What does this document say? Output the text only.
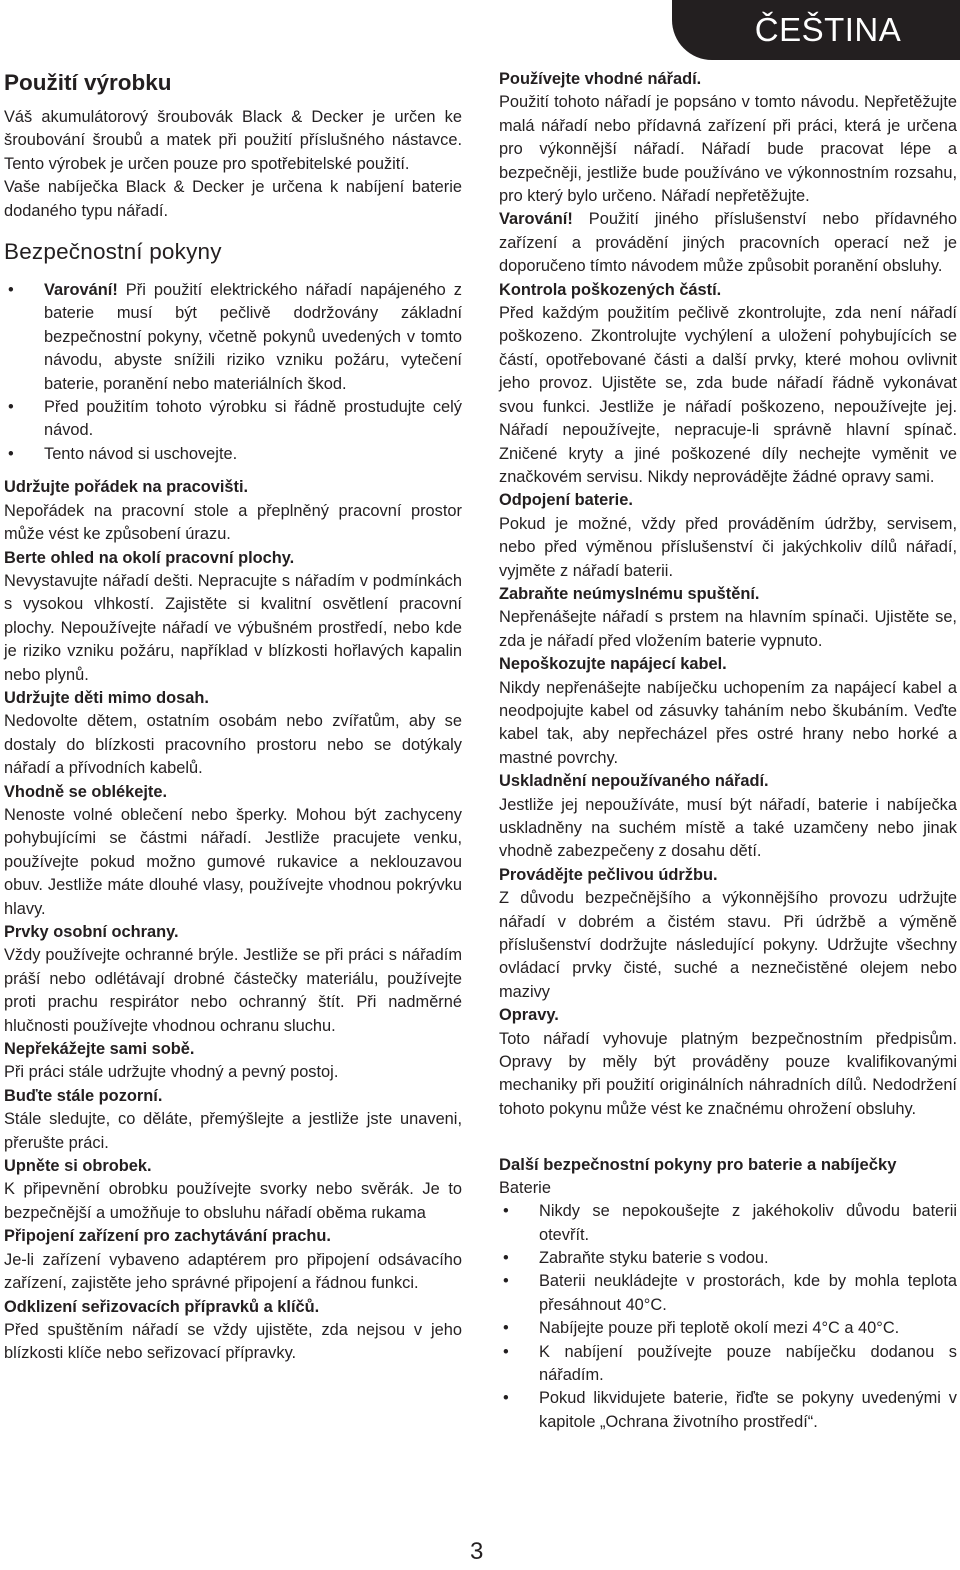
ČEŠTINA
Použití výrobku

Váš akumulátorový šroubovák Black & Decker je určen ke šroubování šroubů a matek při použití příslušného nástavce. Tento výrobek je určen pouze pro spotřebitelské použití.

Vaše nabíječka Black & Decker je určena k nabíjení baterie dodaného typu nářadí.

Bezpečnostní pokyny
• Varování! Při použití elektrického nářadí napájeného z baterie musí být pečlivě dodržovány základní bezpečnostní pokyny, včetně pokynů uvedených v tomto návodu, abyste snížili riziko vzniku požáru, vytečení baterie, poranění nebo materiálních škod.
• Před použitím tohoto výrobku si řádně prostudujte celý návod.
• Tento návod si uschovejte.

Udržujte pořádek na pracovišti.

Nepořádek na pracovní stole a přeplněný pracovní prostor může vést ke způsobení úrazu.

Berte ohled na okolí pracovní plochy.

Nevystavujte nářadí dešti. Nepracujte s nářadím v podmínkách s vysokou vlhkostí. Zajistěte si kvalitní osvětlení pracovní plochy. Nepoužívejte nářadí ve výbušném prostředí, nebo kde je riziko vzniku požáru, například v blízkosti hořlavých kapalin nebo plynů.

Udržujte děti mimo dosah.

Nedovolte dětem, ostatním osobám nebo zvířatům, aby se dostaly do blízkosti pracovního prostoru nebo se dotýkaly nářadí a přívodních kabelů.

Vhodně se oblékejte.

Nenoste volné oblečení nebo šperky. Mohou být zachyceny pohybujícími se částmi nářadí. Jestliže pracujete venku, používejte pokud možno gumové rukavice a neklouzavou obuv. Jestliže máte dlouhé vlasy, používejte vhodnou pokrývku hlavy.

Prvky osobní ochrany.

Vždy používejte ochranné brýle. Jestliže se při práci s nářadím práší nebo odlétávají drobné částečky materiálu, používejte proti prachu respirátor nebo ochranný štít. Při nadměrné hlučnosti používejte vhodnou ochranu sluchu.

Nepřekážejte sami sobě.

Při práci stále udržujte vhodný a pevný postoj.

Buďte stále pozorní.

Stále sledujte, co děláte, přemýšlejte a jestliže jste unaveni, přerušte práci.

Upněte si obrobek.

K připevnění obrobku používejte svorky nebo svěrák. Je to bezpečnější a umožňuje to obsluhu nářadí oběma rukama

Připojení zařízení pro zachytávání prachu.

Je-li zařízení vybaveno adaptérem pro připojení odsávacího zařízení, zajistěte jeho správné připojení a řádnou funkci.

Odklizení seřizovacích přípravků a klíčů.

Před spuštěním nářadí se vždy ujistěte, zda nejsou v jeho blízkosti klíče nebo seřizovací přípravky.

Používejte vhodné nářadí.

Použití tohoto nářadí je popsáno v tomto návodu. Nepřetěžujte malá nářadí nebo přídavná zařízení při práci, která je určena pro výkonnější nářadí. Nářadí bude pracovat lépe a bezpečněji, jestliže bude používáno ve výkonnostním rozsahu, pro který bylo určeno. Nářadí nepřetěžujte.

Varování! Použití jiného příslušenství nebo přídavného zařízení a provádění jiných pracovních operací než je doporučeno tímto návodem může způsobit poranění obsluhy.

Kontrola poškozených částí.

Před každým použitím pečlivě zkontrolujte, zda není nářadí poškozeno. Zkontrolujte vychýlení a uložení pohybujících se částí, opotřebované části a další prvky, které mohou ovlivnit jeho provoz. Ujistěte se, zda bude nářadí řádně vykonávat svou funkci. Jestliže je nářadí poškozeno, nepoužívejte jej. Nářadí nepoužívejte, nepracuje-li správně hlavní spínač. Zničené kryty a jiné poškozené díly nechejte vyměnit ve značkovém servisu. Nikdy neprovádějte žádné opravy sami.

Odpojení baterie.

Pokud je možné, vždy před prováděním údržby, servisem, nebo před výměnou příslušenství či jakýchkoliv dílů nářadí, vyjměte z nářadí baterii.

Zabraňte neúmyslnému spuštění.

Nepřenášejte nářadí s prstem na hlavním spínači. Ujistěte se, zda je nářadí před vložením baterie vypnuto.

Nepoškozujte napájecí kabel.

Nikdy nepřenášejte nabíječku uchopením za napájecí kabel a neodpojujte kabel od zásuvky taháním nebo škubáním. Veďte kabel tak, aby nepřecházel přes ostré hrany nebo horké a mastné povrchy.

Uskladnění nepoužívaného nářadí.

Jestliže jej nepoužíváte, musí být nářadí, baterie i nabíječka uskladněny na suchém místě a také uzamčeny nebo jinak vhodně zabezpečeny z dosahu dětí.

Provádějte pečlivou údržbu.

Z důvodu bezpečnějšího a výkonnějšího provozu udržujte nářadí v dobrém a čistém stavu. Při údržbě a výměně příslušenství dodržujte následující pokyny. Udržujte všechny ovládací prvky čisté, suché a neznečistěné olejem nebo mazivy

Opravy.

Toto nářadí vyhovuje platným bezpečnostním předpisům. Opravy by měly být prováděny pouze kvalifikovanými mechaniky při použití originálních náhradních dílů. Nedodržení tohoto pokynu může vést ke značnému ohrožení obsluhy.

Další bezpečnostní pokyny pro baterie a nabíječky

Baterie

• Nikdy se nepokoušejte z jakéhokoliv důvodu baterii otevřít.
• Zabraňte styku baterie s vodou.
• Baterii neukládejte v prostorách, kde by mohla teplota přesáhnout 40°C.
• Nabíjejte pouze při teplotě okolí mezi 4°C a 40°C.
• K nabíjení používejte pouze nabíječku dodanou s nářadím.
• Pokud likvidujete baterie, řiďte se pokyny uvedenými v kapitole „Ochrana životního prostředí“.
3
